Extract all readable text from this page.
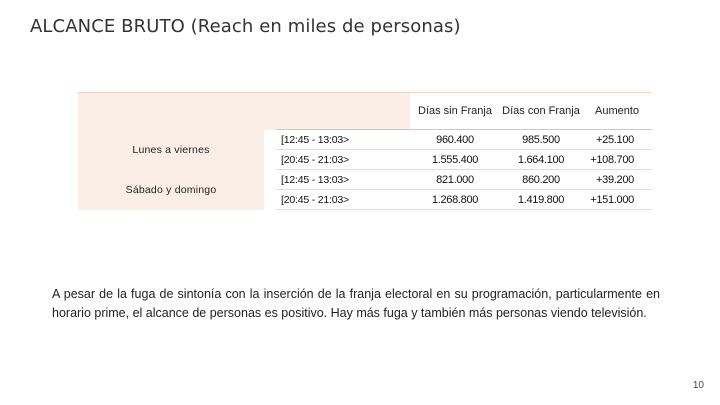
ALCANCE BRUTO (Reach en miles de personas)
			Días sin Franja	Días con Franja	Aumento
Lunes a viernes		[12:45 - 13:03>	960.400	985.500	+25.100
		[20:45 - 21:03>	1.555.400	1.664.100	+108.700
Sábado y domingo		[12:45 - 13:03>	821.000	860.200	+39.200
		[20:45 - 21:03>	1.268.800	1.419.800	+151.000

A pesar de la fuga de sintonía con la inserción de la franja electoral en su programación, particularmente en horario prime, el alcance de personas es positivo. Hay más fuga y también más personas viendo televisión.

10
